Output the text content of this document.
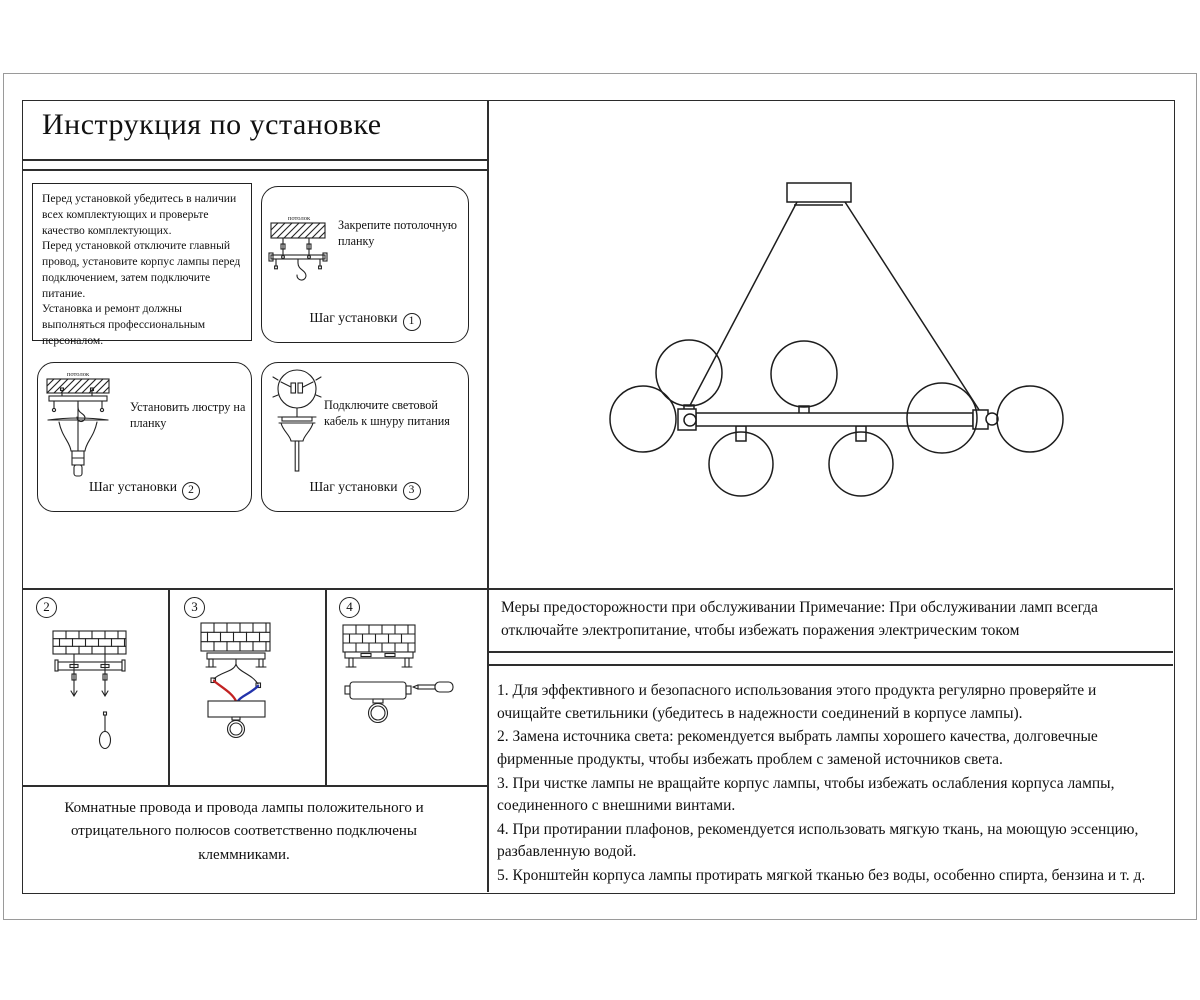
Инструкция по установке

Перед установкой убедитесь в наличии всех комплектующих и проверьте качество комплектующих.

Перед установкой отключите главный провод, установите корпус лампы перед подключением, затем подключите питание.

Установка и ремонт должны выполняться профессиональным персоналом.

потолок Закрепите потолочную планку
Шаг установки 1
потолок
Установить люстру на планку
Шаг установки 2
Подключите световой кабель к шнуру питания
Шаг установки 3
2	3	4
Комнатные провода и провода лампы положительного и отрицательного полюсов соответственно подключены клеммниками.
Меры предосторожности при обслуживании Примечание: При обслуживании ламп всегда отключайте электропитание, чтобы избежать поражения электрическим током
1. Для эффективного и безопасного использования этого продукта регулярно проверяйте и очищайте светильники (убедитесь в надежности соединений в корпусе лампы).
2. Замена источника света: рекомендуется выбрать лампы хорошего качества, долговечные фирменные продукты, чтобы избежать проблем с заменой источников света.
3. При чистке лампы не вращайте корпус лампы, чтобы избежать ослабления корпуса лампы, соединенного с внешними винтами.
4. При протирании плафонов, рекомендуется использовать мягкую ткань, на моющую эссенцию, разбавленную водой.
5. Кронштейн корпуса лампы протирать мягкой тканью без воды, особенно спирта, бензина и т. д.
